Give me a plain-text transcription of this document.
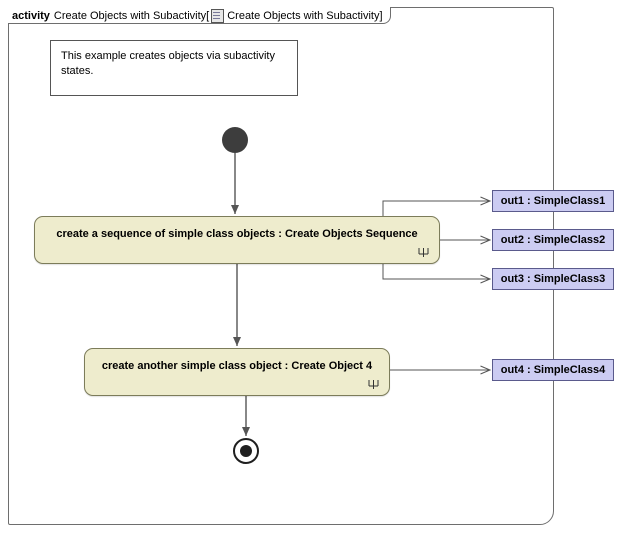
activity Create Objects with Subactivity [ Create Objects with Subactivity ]
This example creates objects via subactivity states.
create a sequence of simple class objects : Create Objects Sequence
create another simple class object : Create Object 4
out1 : SimpleClass1
out2 : SimpleClass2
out3 : SimpleClass3
out4 : SimpleClass4
